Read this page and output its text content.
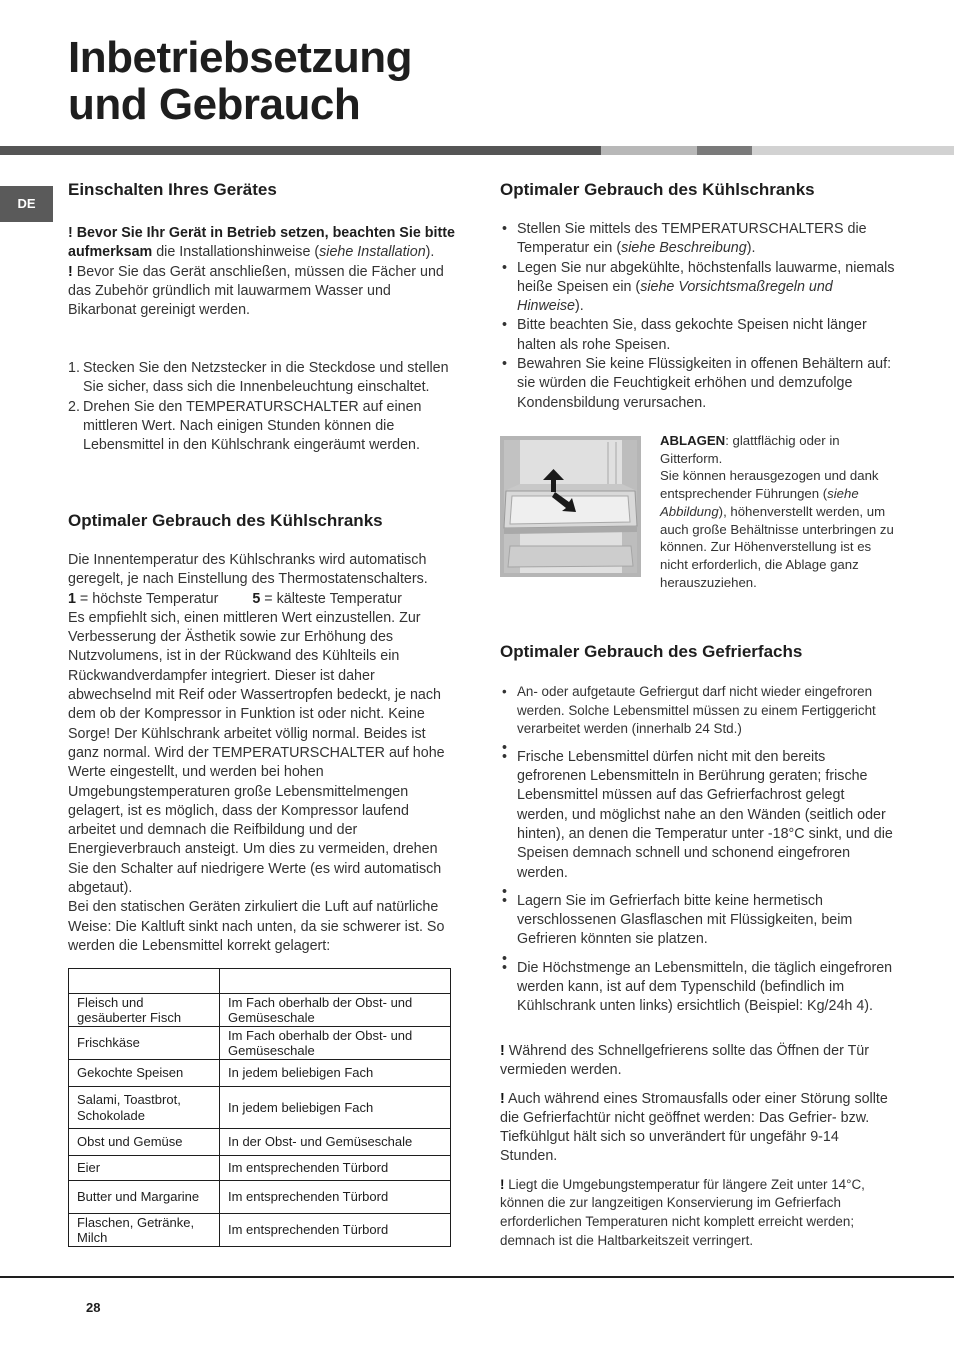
Inbetriebsetzung
und Gebrauch
DE
Einschalten Ihres Gerätes

! Bevor Sie Ihr Gerät in Betrieb setzen, beachten Sie bitte aufmerksam die Installationshinweise (siehe Installation).

! Bevor Sie das Gerät anschließen, müssen die Fächer und das Zubehör gründlich mit lauwarmem Wasser und Bikarbonat gereinigt werden.

1. Stecken Sie den Netzstecker in die Steckdose und stellen Sie sicher, dass sich die Innenbeleuchtung einschaltet.
2. Drehen Sie den TEMPERATURSCHALTER auf einen mittleren Wert. Nach einigen Stunden können die Lebensmittel in den Kühlschrank eingeräumt werden.
Optimaler Gebrauch des Kühlschranks

Die Innentemperatur des Kühlschranks wird automatisch geregelt, je nach Einstellung des Thermostatenschalters.

1 = höchste Temperatur 5 = kälteste Temperatur

Es empfiehlt sich, einen mittleren Wert einzustellen. Zur Verbesserung der Ästhetik sowie zur Erhöhung des Nutzvolumens, ist in der Rückwand des Kühlteils ein Rückwandverdampfer integriert. Dieser ist daher abwechselnd mit Reif oder Wassertropfen bedeckt, je nach dem ob der Kompressor in Funktion ist oder nicht. Keine Sorge! Der Kühlschrank arbeitet völlig normal. Beides ist ganz normal. Wird der TEMPERATURSCHALTER auf hohe Werte eingestellt, und werden bei hohen Umgebungstemperaturen große Lebensmittelmengen gelagert, ist es möglich, dass der Kompressor laufend arbeitet und demnach die Reifbildung und der Energieverbrauch ansteigt. Um dies zu vermeiden, drehen Sie den Schalter auf niedrigere Werte (es wird automatisch abgetaut).

Bei den statischen Geräten zirkuliert die Luft auf natürliche Weise: Die Kaltluft sinkt nach unten, da sie schwerer ist. So werden die Lebensmittel korrekt gelagert:

Fleisch und gesäuberter Fisch	Im Fach oberhalb der Obst- und Gemüseschale
Frischkäse	Im Fach oberhalb der Obst- und Gemüseschale
Gekochte Speisen	In jedem beliebigen Fach
Salami, Toastbrot, Schokolade	In jedem beliebigen Fach
Obst und Gemüse	In der Obst- und Gemüseschale
Eier	Im entsprechenden Türbord
Butter und Margarine	Im entsprechenden Türbord
Flaschen, Getränke, Milch	Im entsprechenden Türbord
Optimaler Gebrauch des Kühlschranks
• Stellen Sie mittels des TEMPERATURSCHALTERS die Temperatur ein (siehe Beschreibung).
• Legen Sie nur abgekühlte, höchstenfalls lauwarme, niemals heiße Speisen ein (siehe Vorsichtsmaßregeln und Hinweise).
• Bitte beachten Sie, dass gekochte Speisen nicht länger halten als rohe Speisen.
• Bewahren Sie keine Flüssigkeiten in offenen Behältern auf: sie würden die Feuchtigkeit erhöhen und demzufolge Kondensbildung verursachen.
ABLAGEN: glattflächig oder in Gitterform.
Sie können herausgezogen und dank entsprechender Führungen (siehe Abbildung), höhenverstellt werden, um auch große Behältnisse unterbringen zu können. Zur Höhenverstellung ist es nicht erforderlich, die Ablage ganz herauszuziehen.
Optimaler Gebrauch des Gefrierfachs
• An- oder aufgetaute Gefriergut darf nicht wieder eingefroren werden. Solche Lebensmittel müssen zu einem Fertiggericht verarbeitet werden (innerhalb 24 Std.)
•
• Frische Lebensmittel dürfen nicht mit den bereits gefrorenen Lebensmitteln in Berührung geraten; frische Lebensmittel müssen auf das Gefrierfachrost gelegt werden, und möglichst nahe an den Wänden (seitlich oder hinten), an denen die Temperatur unter -18°C sinkt, und die Speisen demnach schnell und schonend eingefroren werden.
•
• Lagern Sie im Gefrierfach bitte keine hermetisch verschlossenen Glasflaschen mit Flüssigkeiten, beim Gefrieren könnten sie platzen.
•
• Die Höchstmenge an Lebensmitteln, die täglich eingefroren werden kann, ist auf dem Typenschild (befindlich im Kühlschrank unten links) ersichtlich (Beispiel: Kg/24h 4).

! Während des Schnellgefrierens sollte das Öffnen der Tür vermieden werden.

! Auch während eines Stromausfalls oder einer Störung sollte die Gefrierfachtür nicht geöffnet werden: Das Gefrier- bzw. Tiefkühlgut hält sich so unverändert für ungefähr 9-14 Stunden.

! Liegt die Umgebungstemperatur für längere Zeit unter 14°C, können die zur langzeitigen Konservierung im Gefrierfach erforderlichen Temperaturen nicht komplett erreicht werden; demnach ist die Haltbarkeitszeit verringert.

28
